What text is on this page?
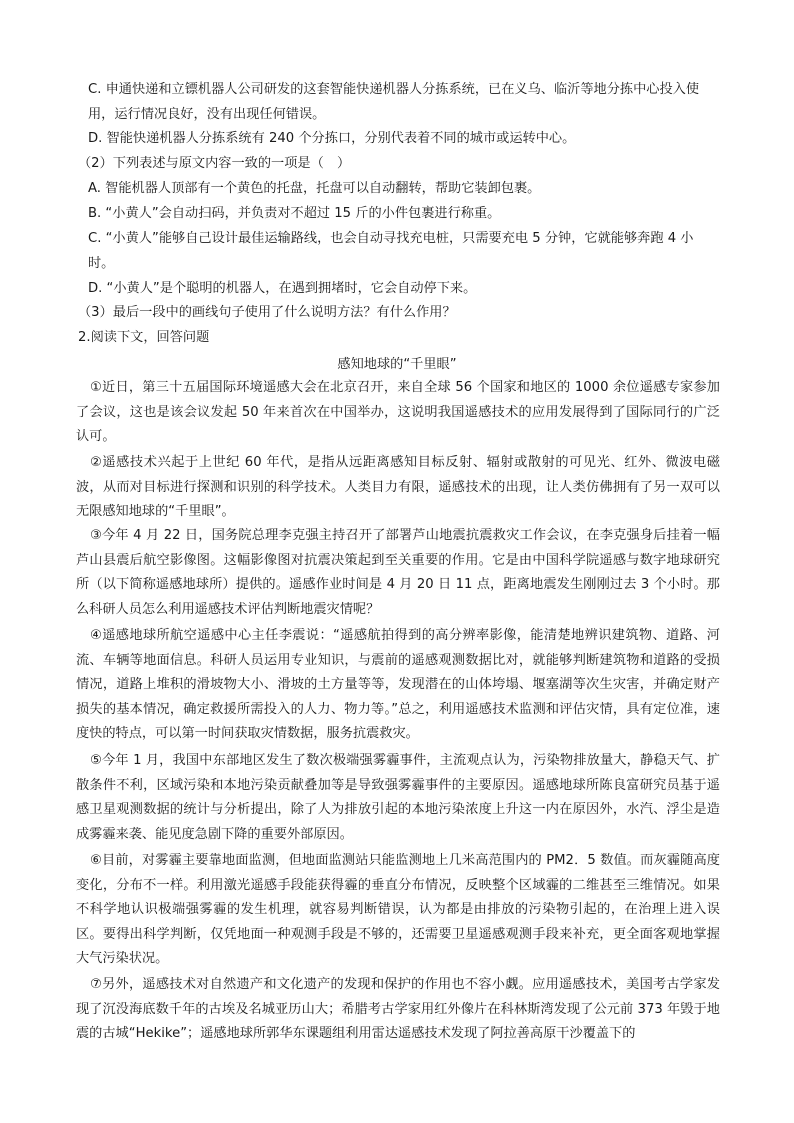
C. 申通快递和立镖机器人公司研发的这套智能快递机器人分拣系统，已在义乌、临沂等地分拣中心投入使用，运行情况良好，没有出现任何错误。

D. 智能快递机器人分拣系统有 240 个分拣口，分别代表着不同的城市或运转中心。

（2）下列表述与原文内容一致的一项是（　）

A. 智能机器人顶部有一个黄色的托盘，托盘可以自动翻转，帮助它装卸包裹。

B. “小黄人”会自动扫码，并负责对不超过 15 斤的小件包裹进行称重。

C. “小黄人”能够自己设计最佳运输路线，也会自动寻找充电桩，只需要充电 5 分钟，它就能够奔跑 4 小时。

D. “小黄人”是个聪明的机器人，在遇到拥堵时，它会自动停下来。

（3）最后一段中的画线句子使用了什么说明方法？有什么作用？

2.阅读下文，回答问题

感知地球的“千里眼”

①近日，第三十五届国际环境遥感大会在北京召开，来自全球 56 个国家和地区的 1000 余位遥感专家参加了会议，这也是该会议发起 50 年来首次在中国举办，这说明我国遥感技术的应用发展得到了国际同行的广泛认可。

②遥感技术兴起于上世纪 60 年代，是指从远距离感知目标反射、辐射或散射的可见光、红外、微波电磁波，从而对目标进行探测和识别的科学技术。人类目力有限，遥感技术的出现，让人类仿佛拥有了另一双可以无限感知地球的“千里眼”。

③今年 4 月 22 日，国务院总理李克强主持召开了部署芦山地震抗震救灾工作会议，在李克强身后挂着一幅芦山县震后航空影像图。这幅影像图对抗震决策起到至关重要的作用。它是由中国科学院遥感与数字地球研究所（以下简称遥感地球所）提供的。遥感作业时间是 4 月 20 日 11 点，距离地震发生刚刚过去 3 个小时。那么科研人员怎么利用遥感技术评估判断地震灾情呢？

④遥感地球所航空遥感中心主任李震说：“遥感航拍得到的高分辨率影像，能清楚地辨识建筑物、道路、河流、车辆等地面信息。科研人员运用专业知识，与震前的遥感观测数据比对，就能够判断建筑物和道路的受损情况，道路上堆积的滑坡物大小、滑坡的土方量等等，发现潜在的山体垮塌、堰塞湖等次生灾害，并确定财产损失的基本情况，确定救援所需投入的人力、物力等。”总之，利用遥感技术监测和评估灾情，具有定位准，速度快的特点，可以第一时间获取灾情数据，服务抗震救灾。

⑤今年 1 月，我国中东部地区发生了数次极端强雾霾事件，主流观点认为，污染物排放量大，静稳天气、扩散条件不利，区域污染和本地污染贡献叠加等是导致强雾霾事件的主要原因。遥感地球所陈良富研究员基于遥感卫星观测数据的统计与分析提出，除了人为排放引起的本地污染浓度上升这一内在原因外，水汽、浮尘是造成雾霾来袭、能见度急剧下降的重要外部原因。

⑥目前，对雾霾主要靠地面监测，但地面监测站只能监测地上几米高范围内的 PM2．5 数值。而灰霾随高度变化，分布不一样。利用激光遥感手段能获得霾的垂直分布情况，反映整个区域霾的二维甚至三维情况。如果不科学地认识极端强雾霾的发生机理，就容易判断错误，认为都是由排放的污染物引起的，在治理上进入误区。要得出科学判断，仅凭地面一种观测手段是不够的，还需要卫星遥感观测手段来补充，更全面客观地掌握大气污染状况。

⑦另外，遥感技术对自然遗产和文化遗产的发现和保护的作用也不容小觑。应用遥感技术，美国考古学家发现了沉没海底数千年的古埃及名城亚历山大；希腊考古学家用红外像片在科林斯湾发现了公元前 373 年毁于地震的古城“Hekike”；遥感地球所郭华东课题组利用雷达遥感技术发现了阿拉善高原干沙覆盖下的
